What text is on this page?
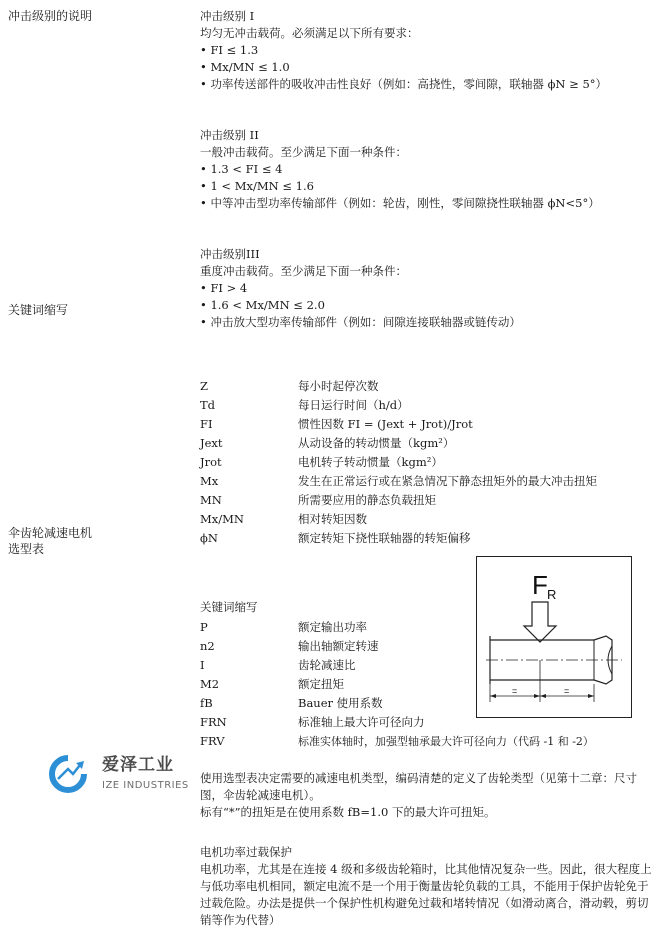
冲击级别的说明
关键词缩写
伞齿轮减速电机
选型表
冲击级别 I
均匀无冲击载荷。必须满足以下所有要求：
• FI ≤ 1.3
• Mx/MN ≤ 1.0
• 功率传送部件的吸收冲击性良好（例如：高挠性，零间隙，联轴器 ϕN ≥ 5°）
冲击级别 II
一般冲击载荷。至少满足下面一种条件：
• 1.3 < FI ≤ 4
• 1 < Mx/MN ≤ 1.6
• 中等冲击型功率传输部件（例如：轮齿，刚性，零间隙挠性联轴器 ϕN<5°）
冲击级别III
重度冲击载荷。至少满足下面一种条件：
• FI > 4
• 1.6 < Mx/MN ≤ 2.0
• 冲击放大型功率传输部件（例如：间隙连接联轴器或链传动）
Z	每小时起停次数
Td	每日运行时间（h/d）
FI	惯性因数 FI = (Jext + Jrot)/Jrot
Jext	从动设备的转动惯量（kgm²）
Jrot	电机转子转动惯量（kgm²）
Mx	发生在正常运行或在紧急情况下静态扭矩外的最大冲击扭矩
MN	所需要应用的静态负载扭矩
Mx/MN	相对转矩因数
ϕN	额定转矩下挠性联轴器的转矩偏移
F R
=	=
关键词缩写
P	额定输出功率
n2	输出轴额定转速
I	齿轮减速比
M2	额定扭矩
fB	Bauer 使用系数
FRN	标准轴上最大许可径向力
FRV	标准实体轴时，加强型轴承最大许可径向力（代码 -1 和 -2）
爱泽工业
IZE INDUSTRIES
使用选型表决定需要的减速电机类型，编码清楚的定义了齿轮类型（见第十二章：尺寸图，伞齿轮减速电机）。
标有“*”的扭矩是在使用系数 fB=1.0 下的最大许可扭矩。
电机功率过载保护
电机功率，尤其是在连接 4 级和多级齿轮箱时，比其他情况复杂一些。因此，很大程度上与低功率电机相同，额定电流不是一个用于衡量齿轮负载的工具，不能用于保护齿轮免于过载危险。办法是提供一个保护性机构避免过载和堵转情况（如滑动离合，滑动毂，剪切销等作为代替）
